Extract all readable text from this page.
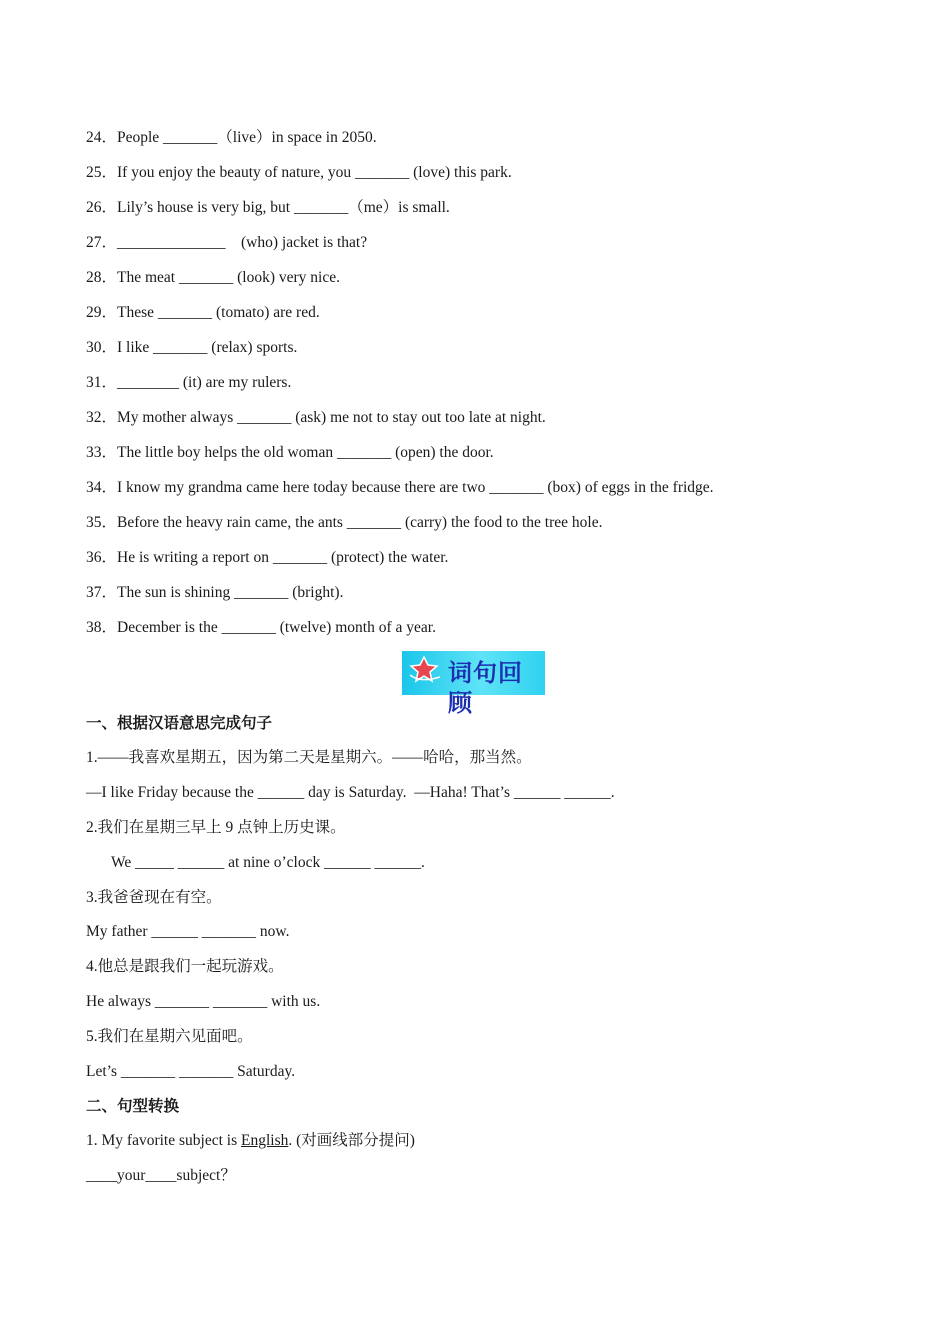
24．People _______（live）in space in 2050.

25．If you enjoy the beauty of nature, you _______ (love) this park.

26．Lily’s house is very big, but _______（me）is small.

27．______________    (who) jacket is that?

28．The meat _______ (look) very nice.

29．These _______ (tomato) are red.

30．I like _______ (relax) sports.

31．________ (it) are my rulers.

32．My mother always _______ (ask) me not to stay out too late at night.

33．The little boy helps the old woman _______ (open) the door.

34．I know my grandma came here today because there are two _______ (box) of eggs in the fridge.

35．Before the heavy rain came, the ants _______ (carry) the food to the tree hole.

36．He is writing a report on _______ (protect) the water.

37．The sun is shining _______ (bright).

38．December is the _______ (twelve) month of a year.

词句回顾

一、根据汉语意思完成句子

1.——我喜欢星期五，因为第二天是星期六。——哈哈，那当然。

—I like Friday because the ______ day is Saturday.  —Haha! That’s ______ ______.

2.我们在星期三早上 9 点钟上历史课。

We _____ ______ at nine o’clock ______ ______.

3.我爸爸现在有空。

My father ______ _______ now.

4.他总是跟我们一起玩游戏。

He always _______ _______ with us.

5.我们在星期六见面吧。

Let’s _______ _______ Saturday.

二、句型转换

1. My favorite subject is English. (对画线部分提问)

____your____subject？
